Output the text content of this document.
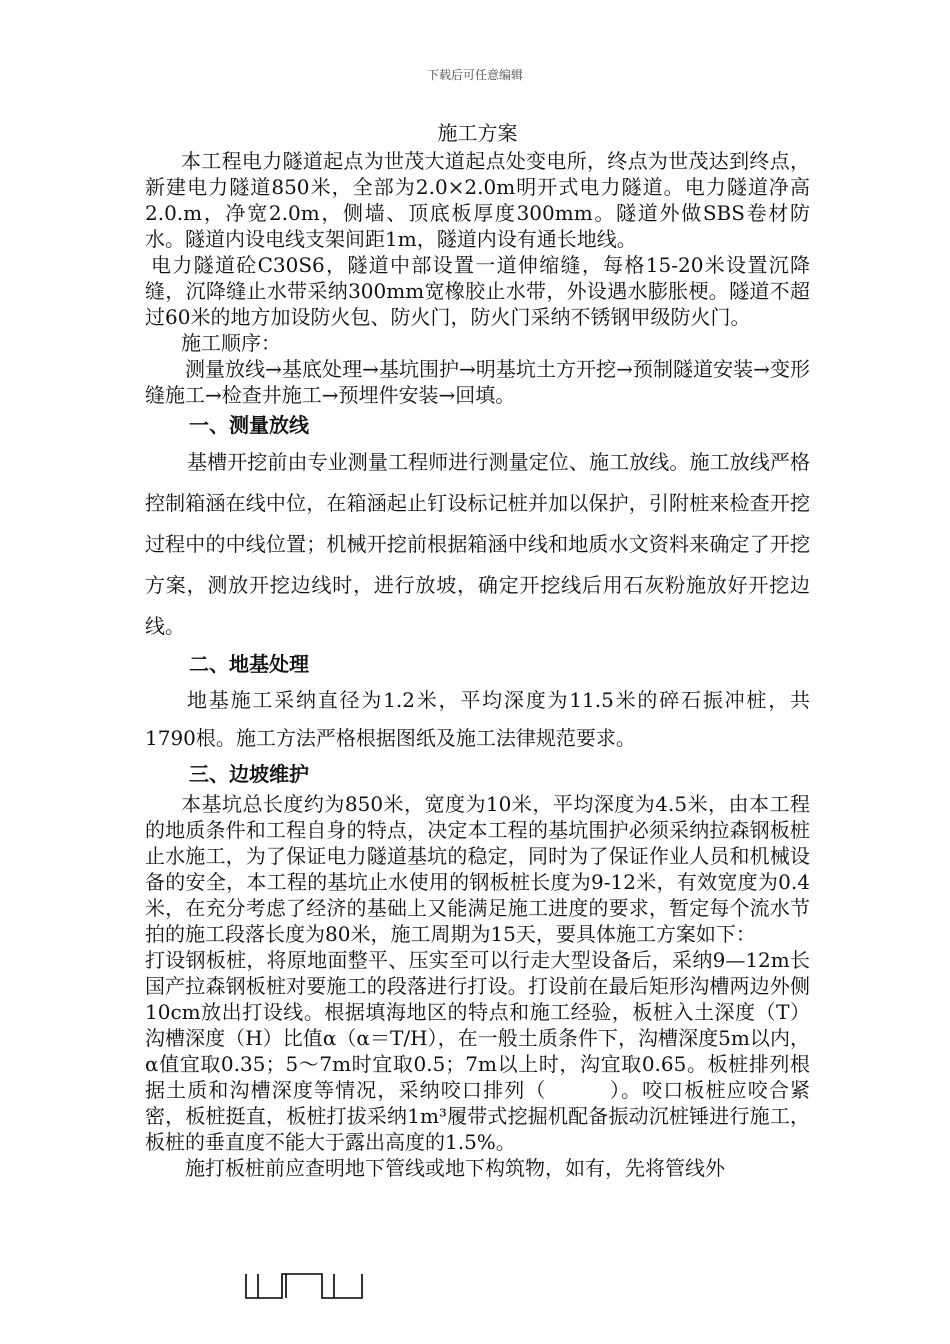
下载后可任意编辑

施工方案

本工程电力隧道起点为世茂大道起点处变电所，终点为世茂达到终点，新建电力隧道850米，全部为2.0×2.0m明开式电力隧道。电力隧道净高2.0.m，净宽2.0m，侧墙、顶底板厚度300mm。隧道外做SBS卷材防水。隧道内设电线支架间距1m，隧道内设有通长地线。

电力隧道砼C30S6，隧道中部设置一道伸缩缝，每格15-20米设置沉降缝，沉降缝止水带采纳300mm宽橡胶止水带，外设遇水膨胀梗。隧道不超过60米的地方加设防火包、防火门，防火门采纳不锈钢甲级防火门。

施工顺序：

测量放线→基底处理→基坑围护→明基坑土方开挖→预制隧道安装→变形缝施工→检查井施工→预埋件安装→回填。

一、测量放线

基槽开挖前由专业测量工程师进行测量定位、施工放线。施工放线严格控制箱涵在线中位，在箱涵起止钉设标记桩并加以保护，引附桩来检查开挖过程中的中线位置；机械开挖前根据箱涵中线和地质水文资料来确定了开挖方案，测放开挖边线时，进行放坡，确定开挖线后用石灰粉施放好开挖边线。

二、地基处理

地基施工采纳直径为1.2米，平均深度为11.5米的碎石振冲桩，共1790根。施工方法严格根据图纸及施工法律规范要求。

三、边坡维护

本基坑总长度约为850米，宽度为10米，平均深度为4.5米，由本工程的地质条件和工程自身的特点，决定本工程的基坑围护必须采纳拉森钢板桩止水施工，为了保证电力隧道基坑的稳定，同时为了保证作业人员和机械设备的安全，本工程的基坑止水使用的钢板桩长度为9-12米，有效宽度为0.4米，在充分考虑了经济的基础上又能满足施工进度的要求，暂定每个流水节拍的施工段落长度为80米，施工周期为15天，要具体施工方案如下：

打设钢板桩，将原地面整平、压实至可以行走大型设备后，采纳9—12m长国产拉森钢板桩对要施工的段落进行打设。打设前在最后矩形沟槽两边外侧10cm放出打设线。根据填海地区的特点和施工经验，板桩入土深度（T）沟槽深度（H）比值α（α＝T/H），在一般土质条件下，沟槽深度5m以内，α值宜取0.35；5～7m时宜取0.5；7m以上时，沟宜取0.65。板桩排列根据土质和沟槽深度等情况，采纳咬口排列（　　　）。咬口板桩应咬合紧密，板桩挺直，板桩打拔采纳1m³履带式挖掘机配备振动沉桩锤进行施工，板桩的垂直度不能大于露出高度的1.5%。

施打板桩前应查明地下管线或地下构筑物，如有，先将管线外
